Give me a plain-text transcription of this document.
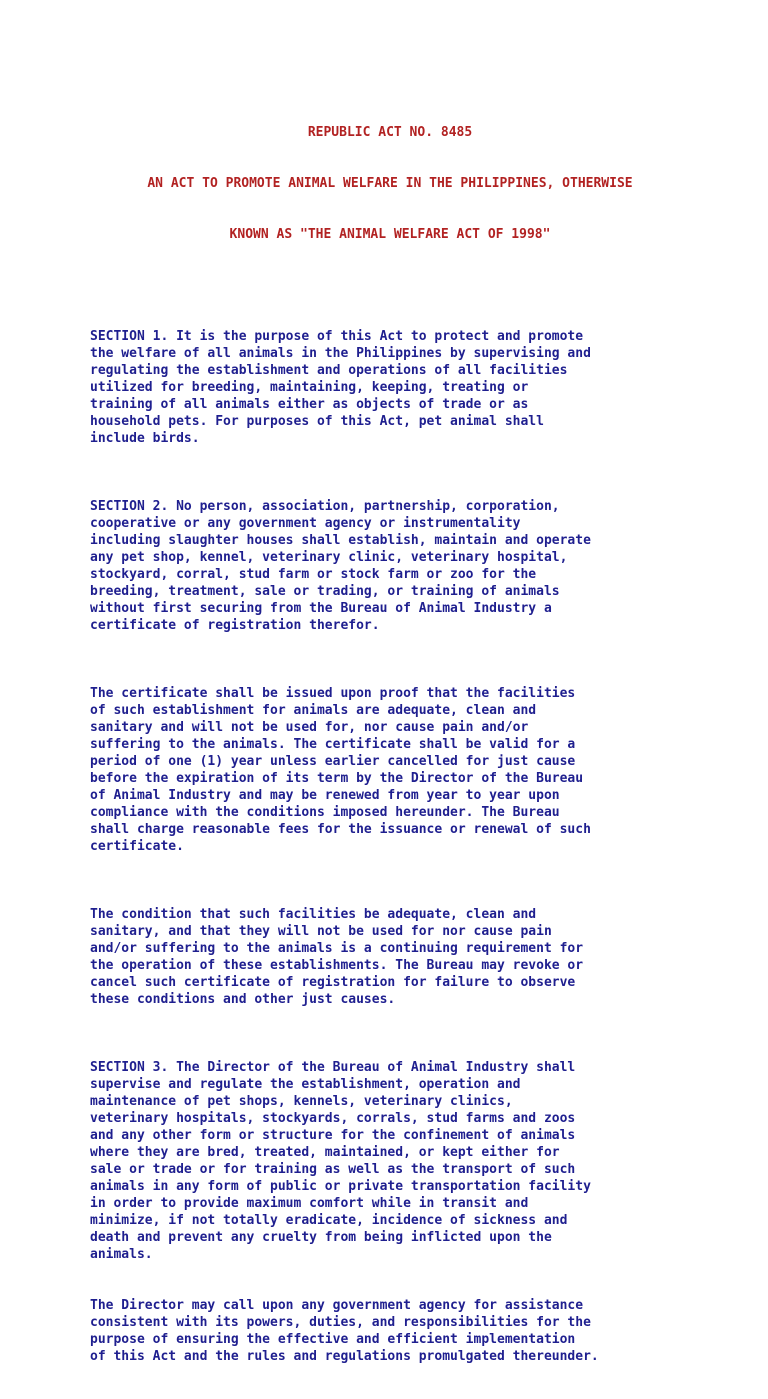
REPUBLIC ACT NO. 8485

AN ACT TO PROMOTE ANIMAL WELFARE IN THE PHILIPPINES, OTHERWISE

KNOWN AS "THE ANIMAL WELFARE ACT OF 1998"

SECTION 1. It is the purpose of this Act to protect and promote
the welfare of all animals in the Philippines by supervising and
regulating the establishment and operations of all facilities
utilized for breeding, maintaining, keeping, treating or
training of all animals either as objects of trade or as
household pets. For purposes of this Act, pet animal shall
include birds.

SECTION 2. No person, association, partnership, corporation,
cooperative or any government agency or instrumentality
including slaughter houses shall establish, maintain and operate
any pet shop, kennel, veterinary clinic, veterinary hospital,
stockyard, corral, stud farm or stock farm or zoo for the
breeding, treatment, sale or trading, or training of animals
without first securing from the Bureau of Animal Industry a
certificate of registration therefor.

The certificate shall be issued upon proof that the facilities
of such establishment for animals are adequate, clean and
sanitary and will not be used for, nor cause pain and/or
suffering to the animals. The certificate shall be valid for a
period of one (1) year unless earlier cancelled for just cause
before the expiration of its term by the Director of the Bureau
of Animal Industry and may be renewed from year to year upon
compliance with the conditions imposed hereunder. The Bureau
shall charge reasonable fees for the issuance or renewal of such
certificate.

The condition that such facilities be adequate, clean and
sanitary, and that they will not be used for nor cause pain
and/or suffering to the animals is a continuing requirement for
the operation of these establishments. The Bureau may revoke or
cancel such certificate of registration for failure to observe
these conditions and other just causes.

SECTION 3. The Director of the Bureau of Animal Industry shall
supervise and regulate the establishment, operation and
maintenance of pet shops, kennels, veterinary clinics,
veterinary hospitals, stockyards, corrals, stud farms and zoos
and any other form or structure for the confinement of animals
where they are bred, treated, maintained, or kept either for
sale or trade or for training as well as the transport of such
animals in any form of public or private transportation facility
in order to provide maximum comfort while in transit and
minimize, if not totally eradicate, incidence of sickness and
death and prevent any cruelty from being inflicted upon the
animals.

The Director may call upon any government agency for assistance
consistent with its powers, duties, and responsibilities for the
purpose of ensuring the effective and efficient implementation
of this Act and the rules and regulations promulgated thereunder.
